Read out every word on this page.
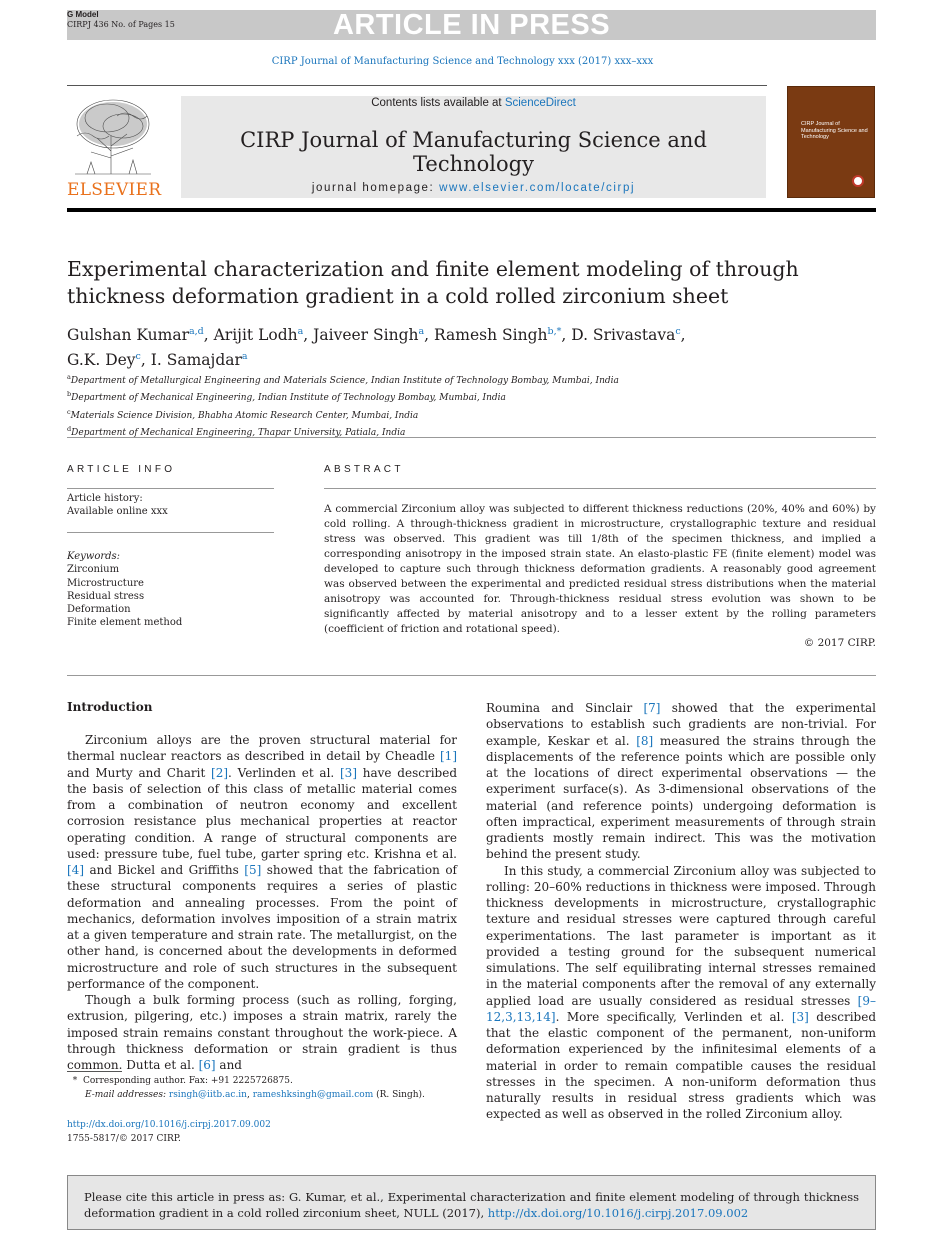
ARTICLE IN PRESS
G Model
CIRPJ 436 No. of Pages 15
CIRP Journal of Manufacturing Science and Technology xxx (2017) xxx–xxx
ELSEVIER
Contents lists available at ScienceDirect
CIRP Journal of Manufacturing Science and Technology
journal homepage: www.elsevier.com/locate/cirpj
CIRP Journal of Manufacturing Science and Technology
Experimental characterization and finite element modeling of through thickness deformation gradient in a cold rolled zirconium sheet
Gulshan Kumar$^{a,d}$, Arijit Lodh$^a$, Jaiveer Singh$^a$, Ramesh Singh$^{b,*}$, D. Srivastava$^c$,
G.K. Dey$^c$, I. Samajdar$^a$
$^a$Department of Metallurgical Engineering and Materials Science, Indian Institute of Technology Bombay, Mumbai, India
$^b$Department of Mechanical Engineering, Indian Institute of Technology Bombay, Mumbai, India
$^c$Materials Science Division, Bhabha Atomic Research Center, Mumbai, India
$^d$Department of Mechanical Engineering, Thapar University, Patiala, India
ARTICLE INFO
Article history:
Available online xxx
Keywords:
Zirconium
Microstructure
Residual stress
Deformation
Finite element method
ABSTRACT
A commercial Zirconium alloy was subjected to different thickness reductions (20%, 40% and 60%) by cold rolling. A through-thickness gradient in microstructure, crystallographic texture and residual stress was observed. This gradient was till 1/8th of the specimen thickness, and implied a corresponding anisotropy in the imposed strain state. An elasto-plastic FE (finite element) model was developed to capture such through thickness deformation gradients. A reasonably good agreement was observed between the experimental and predicted residual stress distributions when the material anisotropy was accounted for. Through-thickness residual stress evolution was shown to be significantly affected by material anisotropy and to a lesser extent by the rolling parameters (coefficient of friction and rotational speed).
© 2017 CIRP.
Introduction

Zirconium alloys are the proven structural material for thermal nuclear reactors as described in detail by Cheadle [1] and Murty and Charit [2]. Verlinden et al. [3] have described the basis of selection of this class of metallic material comes from a combination of neutron economy and excellent corrosion resistance plus mechanical properties at reactor operating condition. A range of structural components are used: pressure tube, fuel tube, garter spring etc. Krishna et al. [4] and Bickel and Griffiths [5] showed that the fabrication of these structural components requires a series of plastic deformation and annealing processes. From the point of mechanics, deformation involves imposition of a strain matrix at a given temperature and strain rate. The metallurgist, on the other hand, is concerned about the developments in deformed microstructure and role of such structures in the subsequent performance of the component.

Though a bulk forming process (such as rolling, forging, extrusion, pilgering, etc.) imposes a strain matrix, rarely the imposed strain remains constant throughout the work-piece. A through thickness deformation or strain gradient is thus common. Dutta et al. [6] and

Roumina and Sinclair [7] showed that the experimental observations to establish such gradients are non-trivial. For example, Keskar et al. [8] measured the strains through the displacements of the reference points which are possible only at the locations of direct experimental observations — the experiment surface(s). As 3-dimensional observations of the material (and reference points) undergoing deformation is often impractical, experiment measurements of through strain gradients mostly remain indirect. This was the motivation behind the present study.

In this study, a commercial Zirconium alloy was subjected to rolling: 20–60% reductions in thickness were imposed. Through thickness developments in microstructure, crystallographic texture and residual stresses were captured through careful experimentations. The last parameter is important as it provided a testing ground for the subsequent numerical simulations. The self equilibrating internal stresses remained in the material components after the removal of any externally applied load are usually considered as residual stresses [9–12,3,13,14]. More specifically, Verlinden et al. [3] described that the elastic component of the permanent, non-uniform deformation experienced by the infinitesimal elements of a material in order to remain compatible causes the residual stresses in the specimen. A non-uniform deformation thus naturally results in residual stress gradients which was expected as well as observed in the rolled Zirconium alloy.

* Corresponding author. Fax: +91 2225726875.
E-mail addresses: rsingh@iitb.ac.in, rameshksingh@gmail.com (R. Singh).
http://dx.doi.org/10.1016/j.cirpj.2017.09.002
1755-5817/© 2017 CIRP.
Please cite this article in press as: G. Kumar, et al., Experimental characterization and finite element modeling of through thickness deformation gradient in a cold rolled zirconium sheet, NULL (2017), http://dx.doi.org/10.1016/j.cirpj.2017.09.002
